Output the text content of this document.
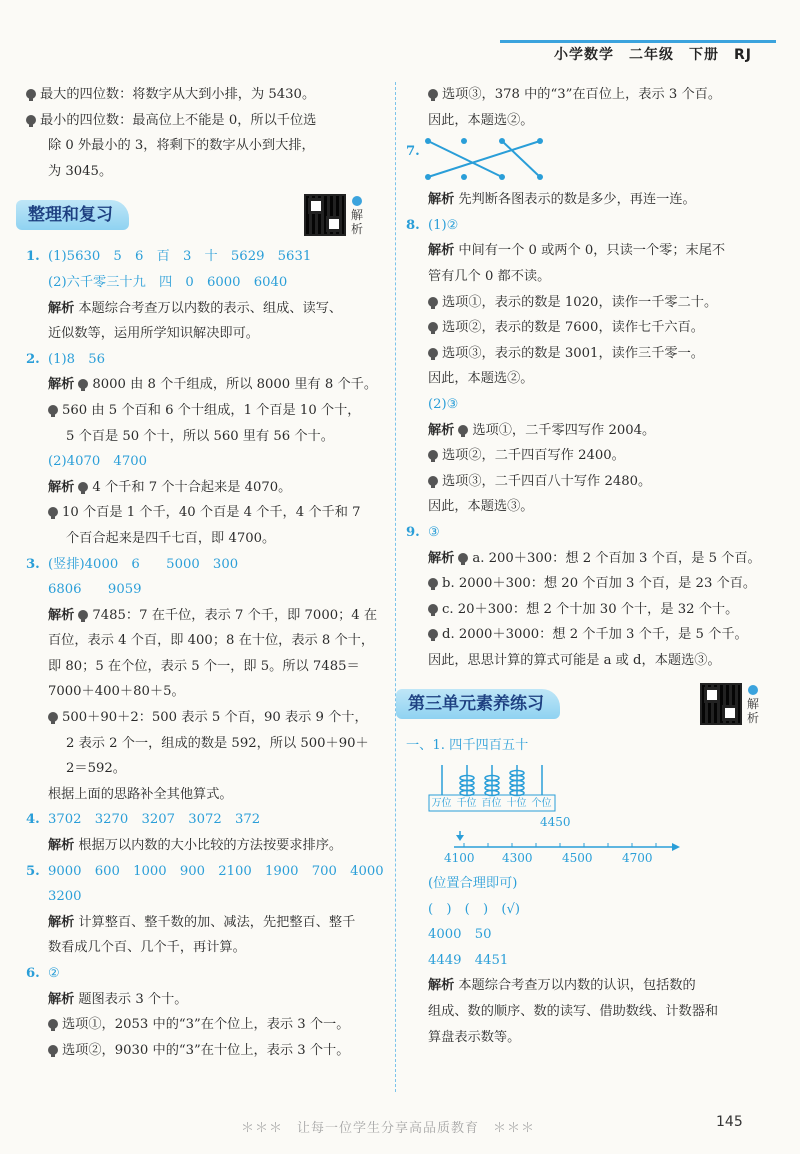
小学数学　二年级　下册　RJ
最大的四位数：将数字从大到小排，为 5430。
最小的四位数：最高位上不能是 0，所以千位选
除 0 外最小的 3，将剩下的数字从小到大排，
为 3045。
整理和复习	解析
1. (1)5630　5　6　百　3　十　5629　5631
(2)六千零三十九　四　0　6000　6040
解析 本题综合考查万以内数的表示、组成、读写、
近似数等，运用所学知识解决即可。
2. (1)8　56
解析 8000 由 8 个千组成，所以 8000 里有 8 个千。
560 由 5 个百和 6 个十组成，1 个百是 10 个十，
5 个百是 50 个十，所以 560 里有 56 个十。
(2)4070　4700
解析 4 个千和 7 个十合起来是 4070。
10 个百是 1 个千，40 个百是 4 个千，4 个千和 7
个百合起来是四千七百，即 4700。
3. (竖排)4000　6　　5000　300
6806　　9059
解析 7485：7 在千位，表示 7 个千，即 7000；4 在
百位，表示 4 个百，即 400；8 在十位，表示 8 个十，
即 80；5 在个位，表示 5 个一，即 5。所以 7485＝
7000＋400＋80＋5。
500＋90＋2：500 表示 5 个百，90 表示 9 个十，
2 表示 2 个一，组成的数是 592，所以 500＋90＋
2＝592。
根据上面的思路补全其他算式。
4. 3702　3270　3207　3072　372
解析 根据万以内数的大小比较的方法按要求排序。
5. 9000　600　1000　900　2100　1900　700　4000
3200
解析 计算整百、整千数的加、减法，先把整百、整千
数看成几个百、几个千，再计算。
6. ②
解析 题图表示 3 个十。
选项①，2053 中的“3”在个位上，表示 3 个一。
选项②，9030 中的“3”在十位上，表示 3 个十。
选项③，378 中的“3”在百位上，表示 3 个百。
因此，本题选②。
7.
解析 先判断各图表示的数是多少，再连一连。
8. (1)②
解析 中间有一个 0 或两个 0，只读一个零；末尾不
管有几个 0 都不读。
选项①，表示的数是 1020，读作一千零二十。
选项②，表示的数是 7600，读作七千六百。
选项③，表示的数是 3001，读作三千零一。
因此，本题选②。
(2)③
解析 选项①，二千零四写作 2004。
选项②，二千四百写作 2400。
选项③，二千四百八十写作 2480。
因此，本题选③。
9. ③
解析 a. 200＋300：想 2 个百加 3 个百，是 5 个百。
b. 2000＋300：想 20 个百加 3 个百，是 23 个百。
c. 20＋300：想 2 个十加 30 个十，是 32 个十。
d. 2000＋3000：想 2 个千加 3 个千，是 5 个千。
因此，思思计算的算式可能是 a 或 d，本题选③。
第三单元素养练习	解析
一、1. 四千四百五十
万位 千位 百位 十位 个位
4450
4100 4300 4500 4700
(位置合理即可)
(　)　(　)　(√)
4000　50
4449　4451
解析 本题综合考查万以内数的认识，包括数的
组成、数的顺序、数的读写、借助数线、计数器和
算盘表示数等。
＊＊＊　让每一位学生分享高品质教育　＊＊＊	145
